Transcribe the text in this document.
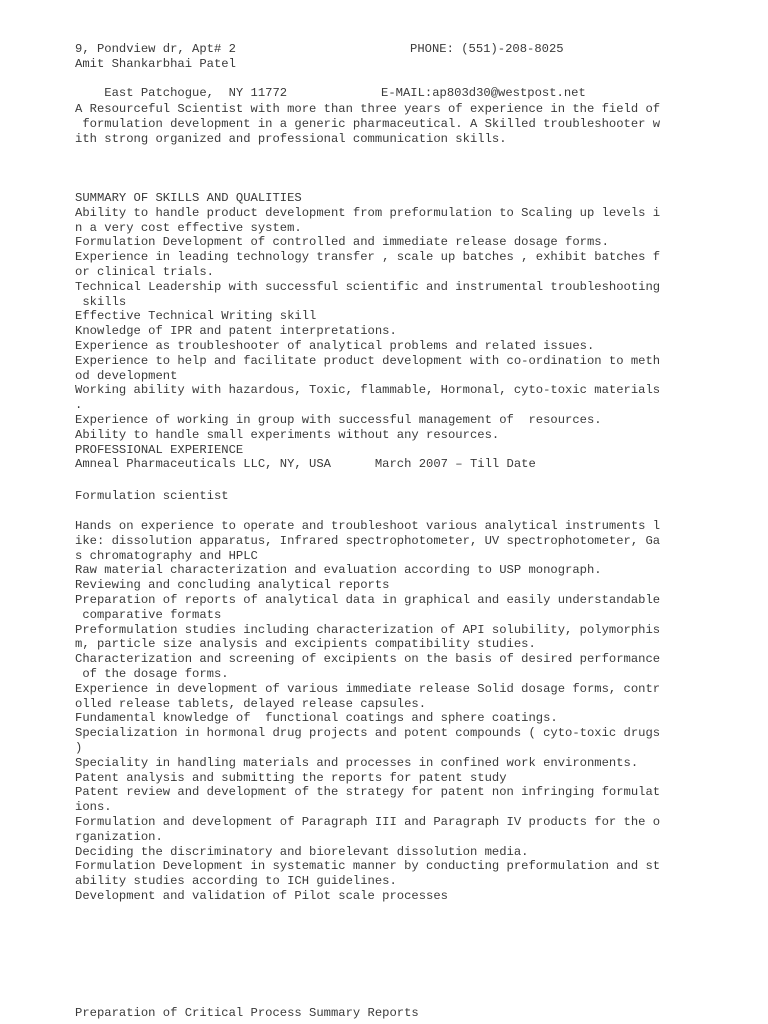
9, Pondview dr, Apt# 2

East Patchogue,  NY 11772

PHONE: (551)-208-8025

E-MAIL:ap803d30@westpost.net

Amit Shankarbhai Patel
A Resourceful Scientist with more than three years of experience in the field of
formulation development in a generic pharmaceutical. A Skilled troubleshooter w
ith strong organized and professional communication skills.
SUMMARY OF SKILLS AND QUALITIES
Ability to handle product development from preformulation to Scaling up levels i
n a very cost effective system.
Formulation Development of controlled and immediate release dosage forms.
Experience in leading technology transfer , scale up batches , exhibit batches f
or clinical trials.
Technical Leadership with successful scientific and instrumental troubleshooting
skills
Effective Technical Writing skill
Knowledge of IPR and patent interpretations.
Experience as troubleshooter of analytical problems and related issues.
Experience to help and facilitate product development with co-ordination to meth
od development
Working ability with hazardous, Toxic, flammable, Hormonal, cyto-toxic materials
.
Experience of working in group with successful management of  resources.
Ability to handle small experiments without any resources.
PROFESSIONAL EXPERIENCE
Amneal Pharmaceuticals LLC, NY, USA      March 2007 – Till Date
Formulation scientist
Hands on experience to operate and troubleshoot various analytical instruments l
ike: dissolution apparatus, Infrared spectrophotometer, UV spectrophotometer, Ga
s chromatography and HPLC
Raw material characterization and evaluation according to USP monograph.
Reviewing and concluding analytical reports
Preparation of reports of analytical data in graphical and easily understandable
comparative formats
Preformulation studies including characterization of API solubility, polymorphis
m, particle size analysis and excipients compatibility studies.
Characterization and screening of excipients on the basis of desired performance
of the dosage forms.
Experience in development of various immediate release Solid dosage forms, contr
olled release tablets, delayed release capsules.
Fundamental knowledge of  functional coatings and sphere coatings.
Specialization in hormonal drug projects and potent compounds ( cyto-toxic drugs
)
Speciality in handling materials and processes in confined work environments.
Patent analysis and submitting the reports for patent study
Patent review and development of the strategy for patent non infringing formulat
ions.
Formulation and development of Paragraph III and Paragraph IV products for the o
rganization.
Deciding the discriminatory and biorelevant dissolution media.
Formulation Development in systematic manner by conducting preformulation and st
ability studies according to ICH guidelines.
Development and validation of Pilot scale processes
Preparation of Critical Process Summary Reports
